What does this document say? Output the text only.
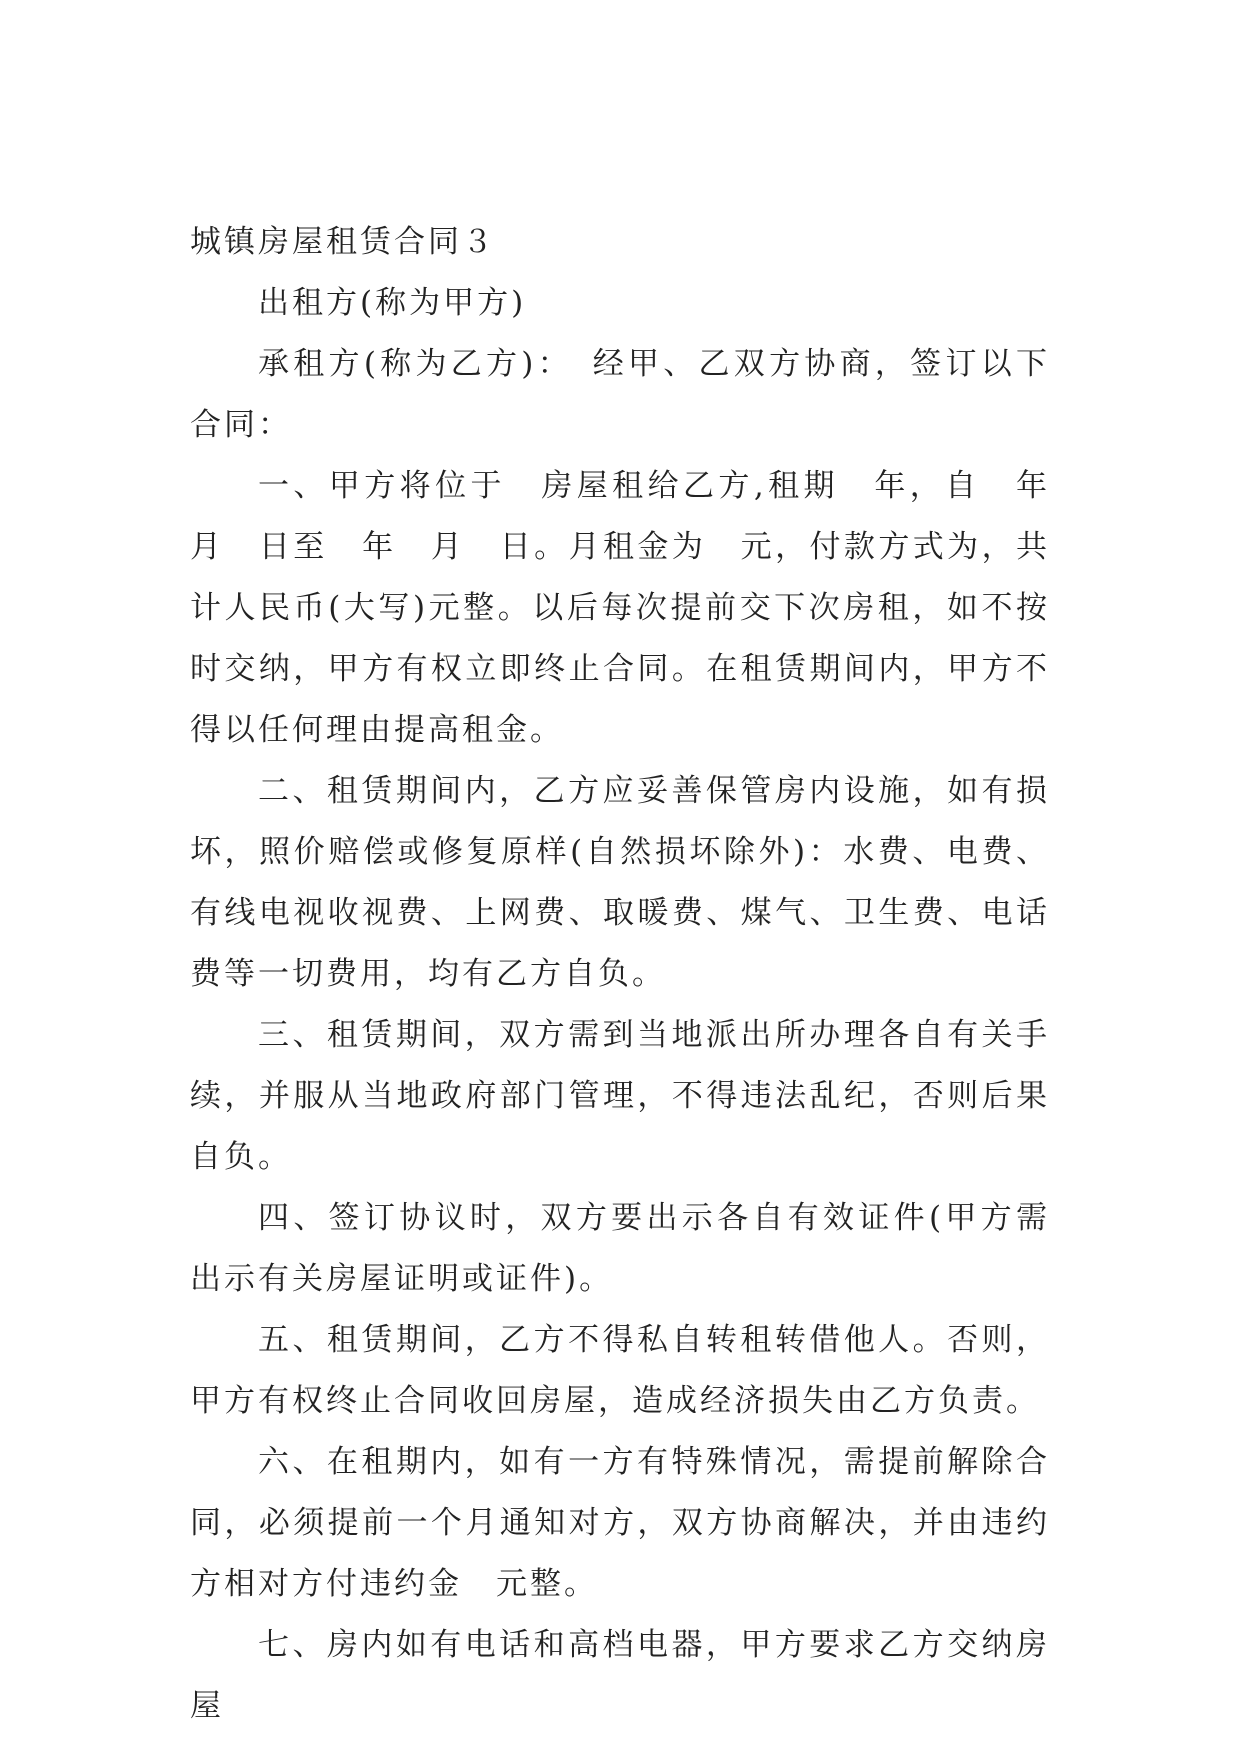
城镇房屋租赁合同３

出租方(称为甲方)

承租方(称为乙方)：　经甲、乙双方协商，签订以下合同：

一、甲方将位于　房屋租给乙方,租期　年，自　年　月　日至　年　月　日。月租金为　元，付款方式为，共计人民币(大写)元整。以后每次提前交下次房租，如不按时交纳，甲方有权立即终止合同。在租赁期间内，甲方不得以任何理由提高租金。

二、租赁期间内，乙方应妥善保管房内设施，如有损坏，照价赔偿或修复原样(自然损坏除外)：水费、电费、有线电视收视费、上网费、取暖费、煤气、卫生费、电话费等一切费用，均有乙方自负。

三、租赁期间，双方需到当地派出所办理各自有关手续，并服从当地政府部门管理，不得违法乱纪，否则后果自负。

四、签订协议时，双方要出示各自有效证件(甲方需出示有关房屋证明或证件)。

五、租赁期间，乙方不得私自转租转借他人。否则，甲方有权终止合同收回房屋，造成经济损失由乙方负责。

六、在租期内，如有一方有特殊情况，需提前解除合同，必须提前一个月通知对方，双方协商解决，并由违约方相对方付违约金　元整。

七、房内如有电话和高档电器，甲方要求乙方交纳房屋
